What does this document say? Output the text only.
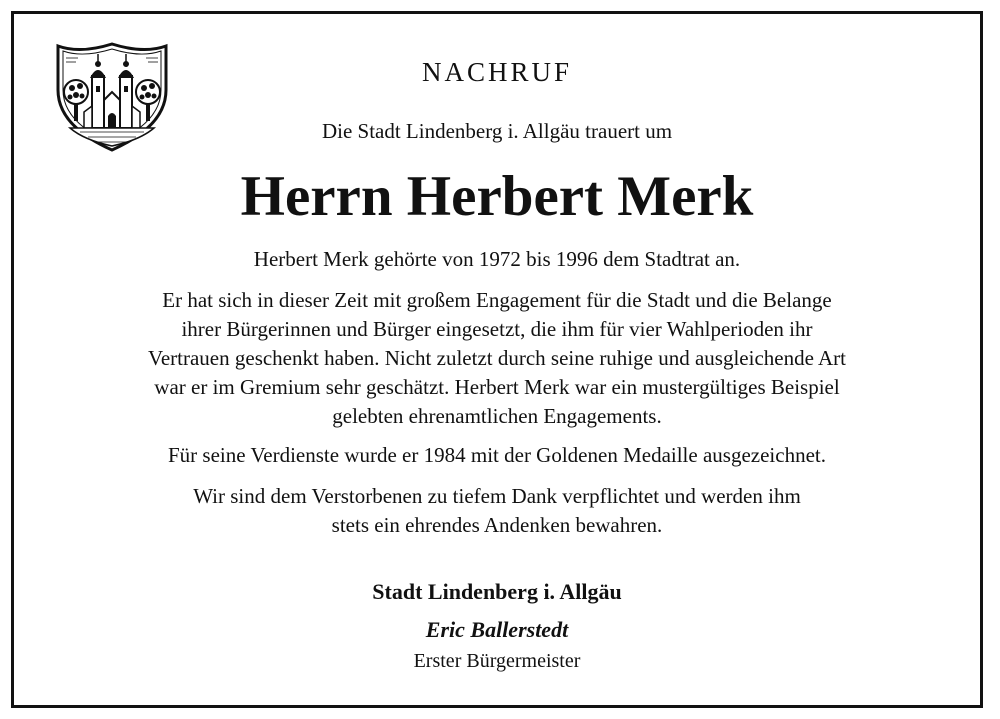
NACHRUF
Die Stadt Lindenberg i. Allgäu trauert um
Herrn Herbert Merk
Herbert Merk gehörte von 1972 bis 1996 dem Stadtrat an.
Er hat sich in dieser Zeit mit großem Engagement für die Stadt und die Belange
ihrer Bürgerinnen und Bürger eingesetzt, die ihm für vier Wahlperioden ihr
Vertrauen geschenkt haben. Nicht zuletzt durch seine ruhige und ausgleichende Art
war er im Gremium sehr geschätzt. Herbert Merk war ein mustergültiges Beispiel
gelebten ehrenamtlichen Engagements.
Für seine Verdienste wurde er 1984 mit der Goldenen Medaille ausgezeichnet.
Wir sind dem Verstorbenen zu tiefem Dank verpflichtet und werden ihm
stets ein ehrendes Andenken bewahren.
Stadt Lindenberg i. Allgäu
Eric Ballerstedt
Erster Bürgermeister
